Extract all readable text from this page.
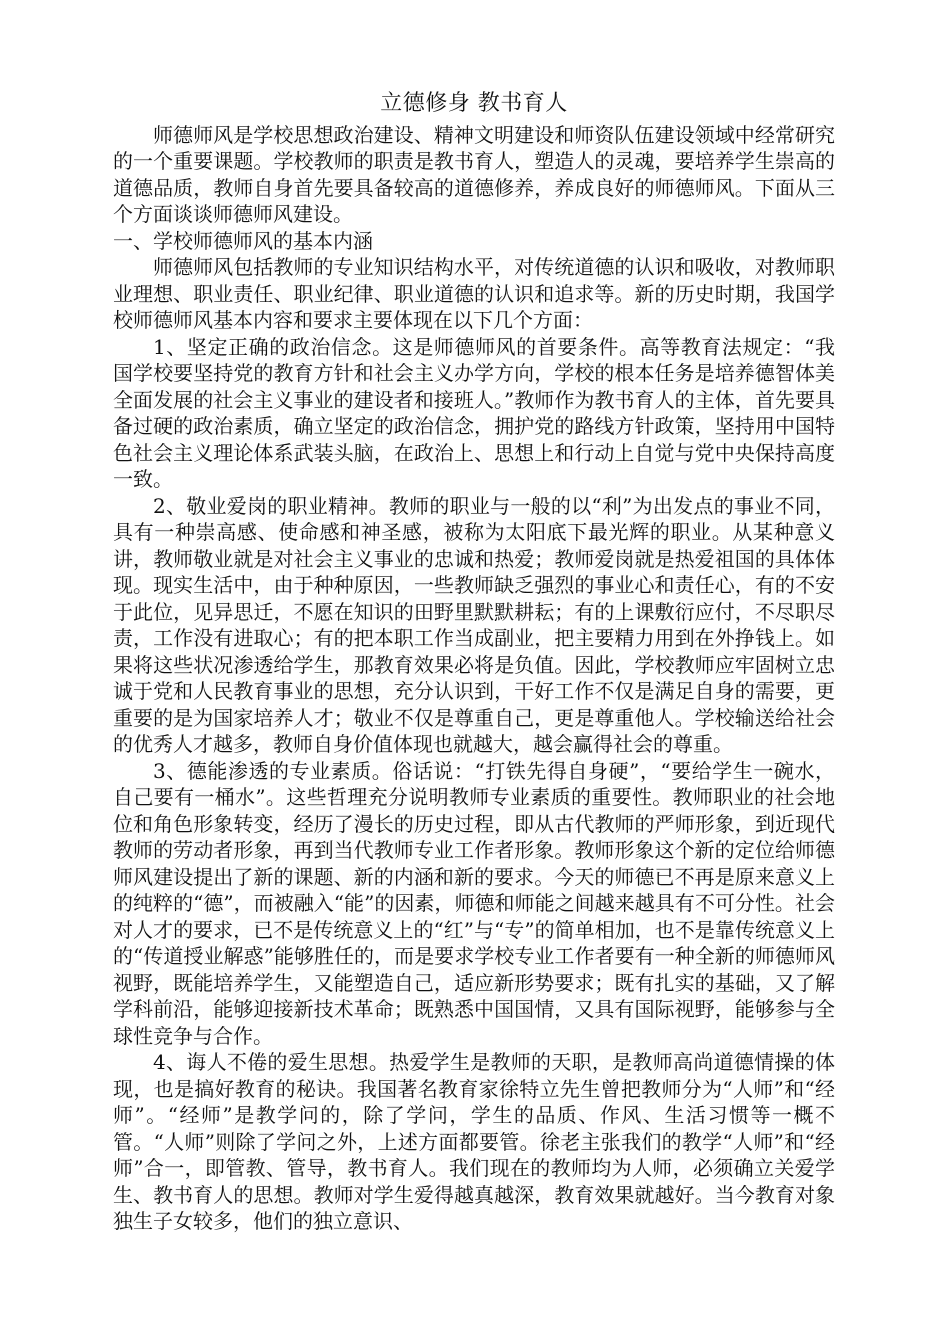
立德修身 教书育人

师德师风是学校思想政治建设、精神文明建设和师资队伍建设领域中经常研究的一个重要课题。学校教师的职责是教书育人，塑造人的灵魂，要培养学生崇高的道德品质，教师自身首先要具备较高的道德修养，养成良好的师德师风。下面从三个方面谈谈师德师风建设。

一、学校师德师风的基本内涵

师德师风包括教师的专业知识结构水平，对传统道德的认识和吸收，对教师职业理想、职业责任、职业纪律、职业道德的认识和追求等。新的历史时期，我国学校师德师风基本内容和要求主要体现在以下几个方面：

1、坚定正确的政治信念。这是师德师风的首要条件。高等教育法规定：“我国学校要坚持党的教育方针和社会主义办学方向，学校的根本任务是培养德智体美全面发展的社会主义事业的建设者和接班人。”教师作为教书育人的主体，首先要具备过硬的政治素质，确立坚定的政治信念，拥护党的路线方针政策，坚持用中国特色社会主义理论体系武装头脑，在政治上、思想上和行动上自觉与党中央保持高度一致。

2、敬业爱岗的职业精神。教师的职业与一般的以“利”为出发点的事业不同，具有一种崇高感、使命感和神圣感，被称为太阳底下最光辉的职业。从某种意义讲，教师敬业就是对社会主义事业的忠诚和热爱；教师爱岗就是热爱祖国的具体体现。现实生活中，由于种种原因，一些教师缺乏强烈的事业心和责任心，有的不安于此位，见异思迁，不愿在知识的田野里默默耕耘；有的上课敷衍应付，不尽职尽责，工作没有进取心；有的把本职工作当成副业，把主要精力用到在外挣钱上。如果将这些状况渗透给学生，那教育效果必将是负值。因此，学校教师应牢固树立忠诚于党和人民教育事业的思想，充分认识到，干好工作不仅是满足自身的需要，更重要的是为国家培养人才；敬业不仅是尊重自己，更是尊重他人。学校输送给社会的优秀人才越多，教师自身价值体现也就越大，越会赢得社会的尊重。

3、德能渗透的专业素质。俗话说：“打铁先得自身硬”，“要给学生一碗水，自己要有一桶水”。这些哲理充分说明教师专业素质的重要性。教师职业的社会地位和角色形象转变，经历了漫长的历史过程，即从古代教师的严师形象，到近现代教师的劳动者形象，再到当代教师专业工作者形象。教师形象这个新的定位给师德师风建设提出了新的课题、新的内涵和新的要求。今天的师德已不再是原来意义上的纯粹的“德”，而被融入“能”的因素，师德和师能之间越来越具有不可分性。社会对人才的要求，已不是传统意义上的“红”与“专”的简单相加，也不是靠传统意义上的“传道授业解惑”能够胜任的，而是要求学校专业工作者要有一种全新的师德师风视野，既能培养学生，又能塑造自己，适应新形势要求；既有扎实的基础，又了解学科前沿，能够迎接新技术革命；既熟悉中国国情，又具有国际视野，能够参与全球性竞争与合作。

4、诲人不倦的爱生思想。热爱学生是教师的天职，是教师高尚道德情操的体现，也是搞好教育的秘诀。我国著名教育家徐特立先生曾把教师分为“人师”和“经师”。“经师”是教学问的，除了学问，学生的品质、作风、生活习惯等一概不管。“人师”则除了学问之外，上述方面都要管。徐老主张我们的教学“人师”和“经师”合一，即管教、管导，教书育人。我们现在的教师均为人师，必须确立关爱学生、教书育人的思想。教师对学生爱得越真越深，教育效果就越好。当今教育对象独生子女较多，他们的独立意识、
